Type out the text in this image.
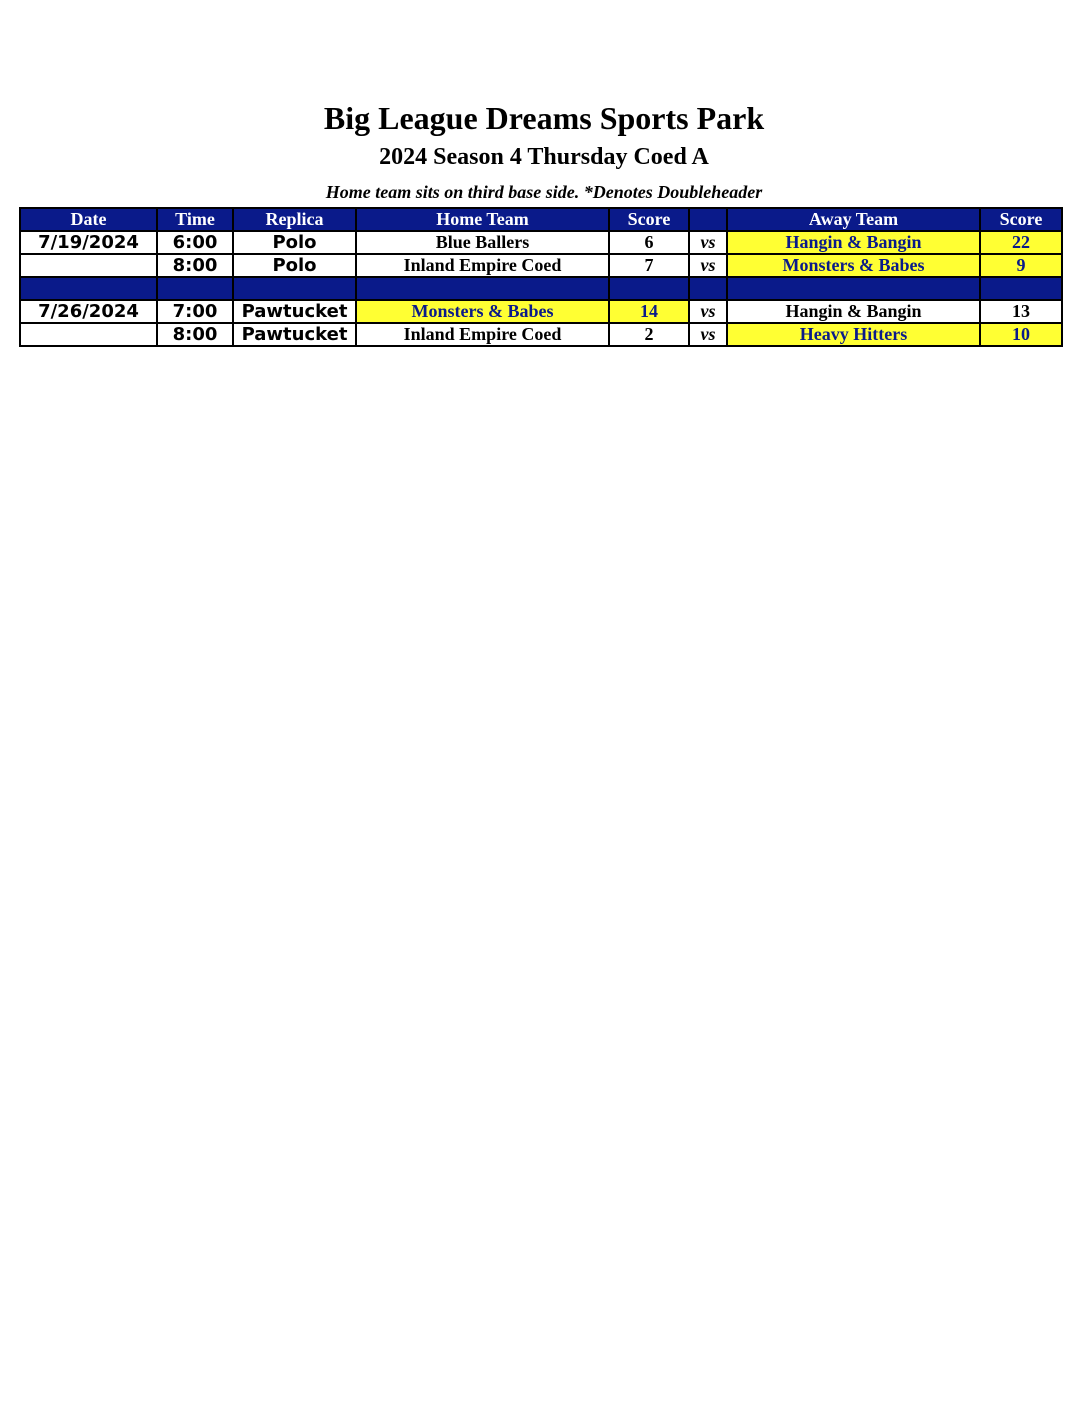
Big League Dreams Sports Park
2024 Season 4 Thursday Coed A
Home team sits on third base side. *Denotes Doubleheader
Date	Time	Replica	Home Team	Score		Away Team	Score
7/19/2024	6:00	Polo	Blue Ballers	6	vs	Hangin & Bangin	22
	8:00	Polo	Inland Empire Coed	7	vs	Monsters & Babes	9

7/26/2024	7:00	Pawtucket	Monsters & Babes	14	vs	Hangin & Bangin	13
	8:00	Pawtucket	Inland Empire Coed	2	vs	Heavy Hitters	10
